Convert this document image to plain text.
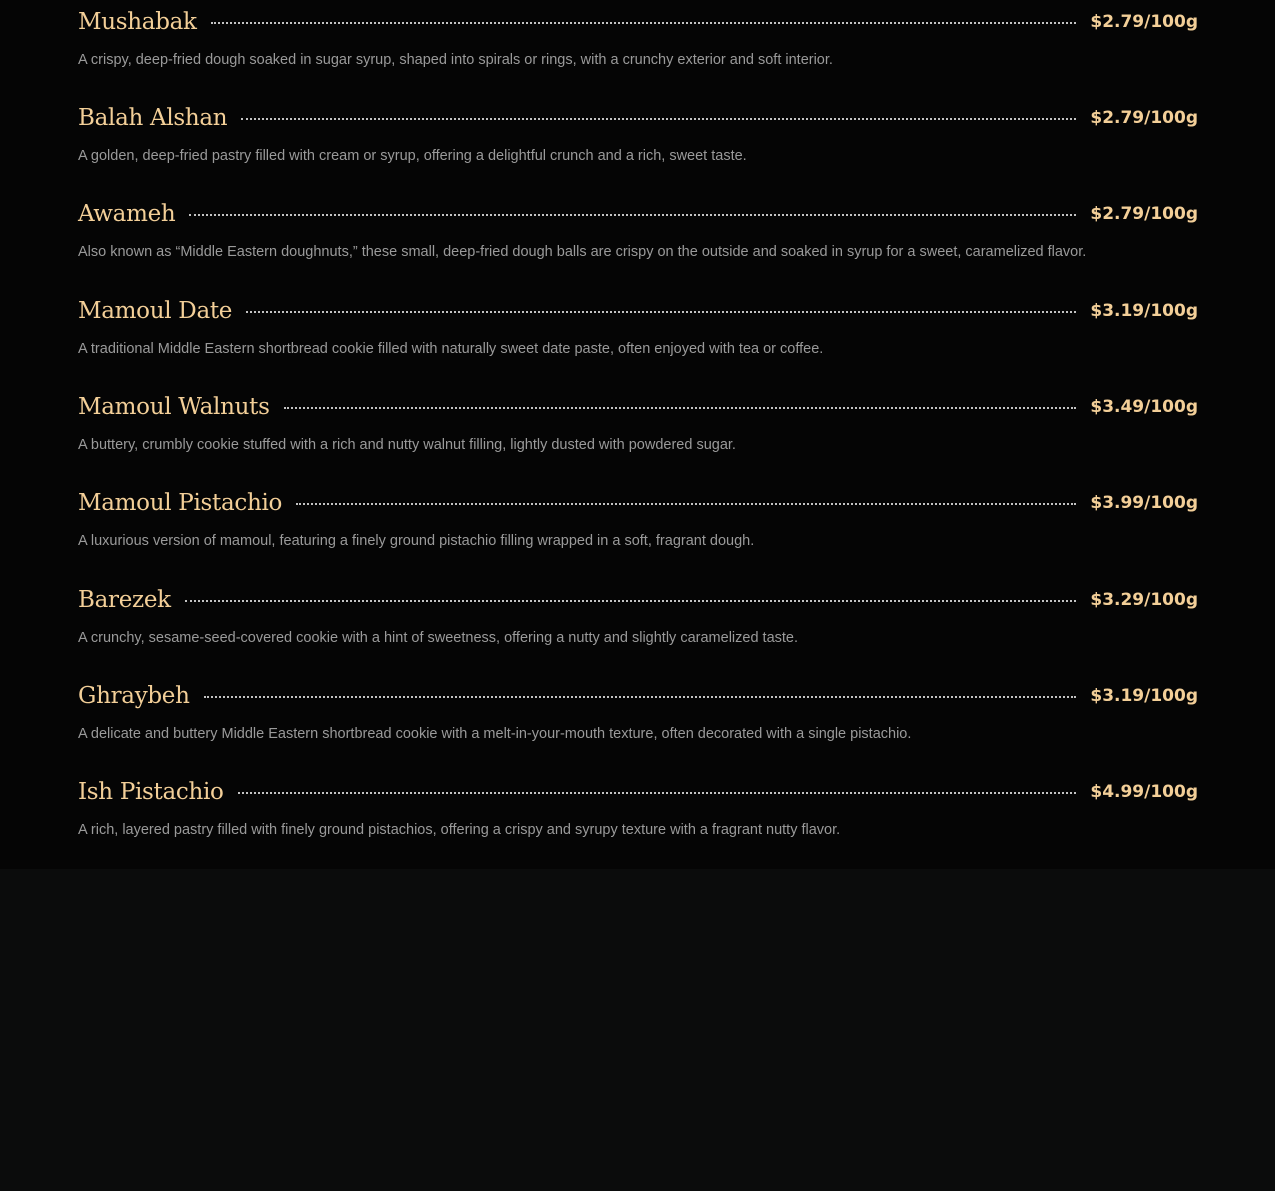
Mushabak	$2.79/100g
A crispy, deep-fried dough soaked in sugar syrup, shaped into spirals or rings, with a crunchy exterior and soft interior.
Balah Alshan	$2.79/100g
A golden, deep-fried pastry filled with cream or syrup, offering a delightful crunch and a rich, sweet taste.
Awameh	$2.79/100g
Also known as “Middle Eastern doughnuts,” these small, deep-fried dough balls are crispy on the outside and soaked in syrup for a sweet, caramelized flavor.
Mamoul Date	$3.19/100g
A traditional Middle Eastern shortbread cookie filled with naturally sweet date paste, often enjoyed with tea or coffee.
Mamoul Walnuts	$3.49/100g
A buttery, crumbly cookie stuffed with a rich and nutty walnut filling, lightly dusted with powdered sugar.
Mamoul Pistachio	$3.99/100g
A luxurious version of mamoul, featuring a finely ground pistachio filling wrapped in a soft, fragrant dough.
Barezek	$3.29/100g
A crunchy, sesame-seed-covered cookie with a hint of sweetness, offering a nutty and slightly caramelized taste.
Ghraybeh	$3.19/100g
A delicate and buttery Middle Eastern shortbread cookie with a melt-in-your-mouth texture, often decorated with a single pistachio.
Ish Pistachio	$4.99/100g
A rich, layered pastry filled with finely ground pistachios, offering a crispy and syrupy texture with a fragrant nutty flavor.
